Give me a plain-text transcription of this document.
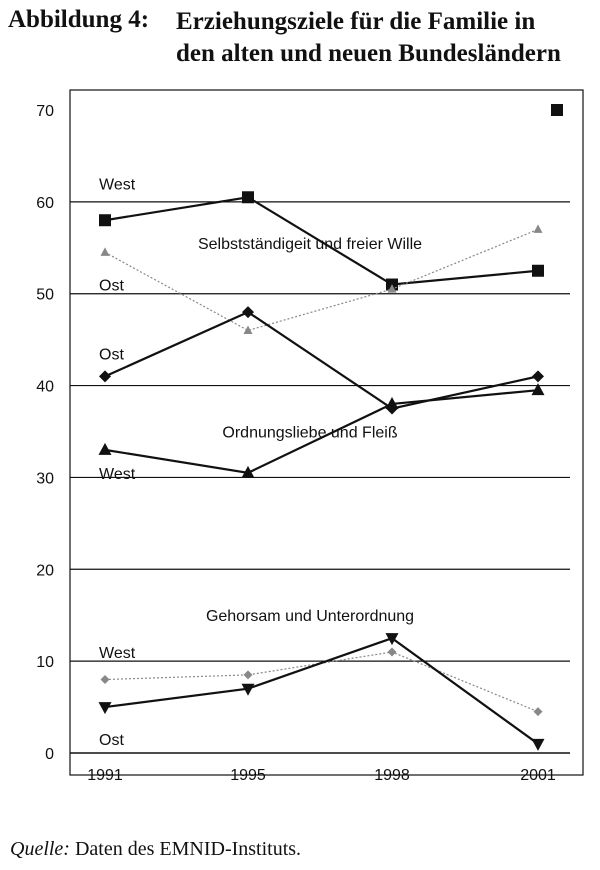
Abbildung 4: Erziehungsziele für die Familie in
den alten und neuen Bundesländern
0
10
20
30
40
50
60
70
1991	1995	1998	2001
Selbstständigeit und freier Wille
Ordnungsliebe und Fleiß
Gehorsam und Unterordnung
West
Ost
Ost
West
West
Ost
Quelle: Daten des EMNID-Instituts.
